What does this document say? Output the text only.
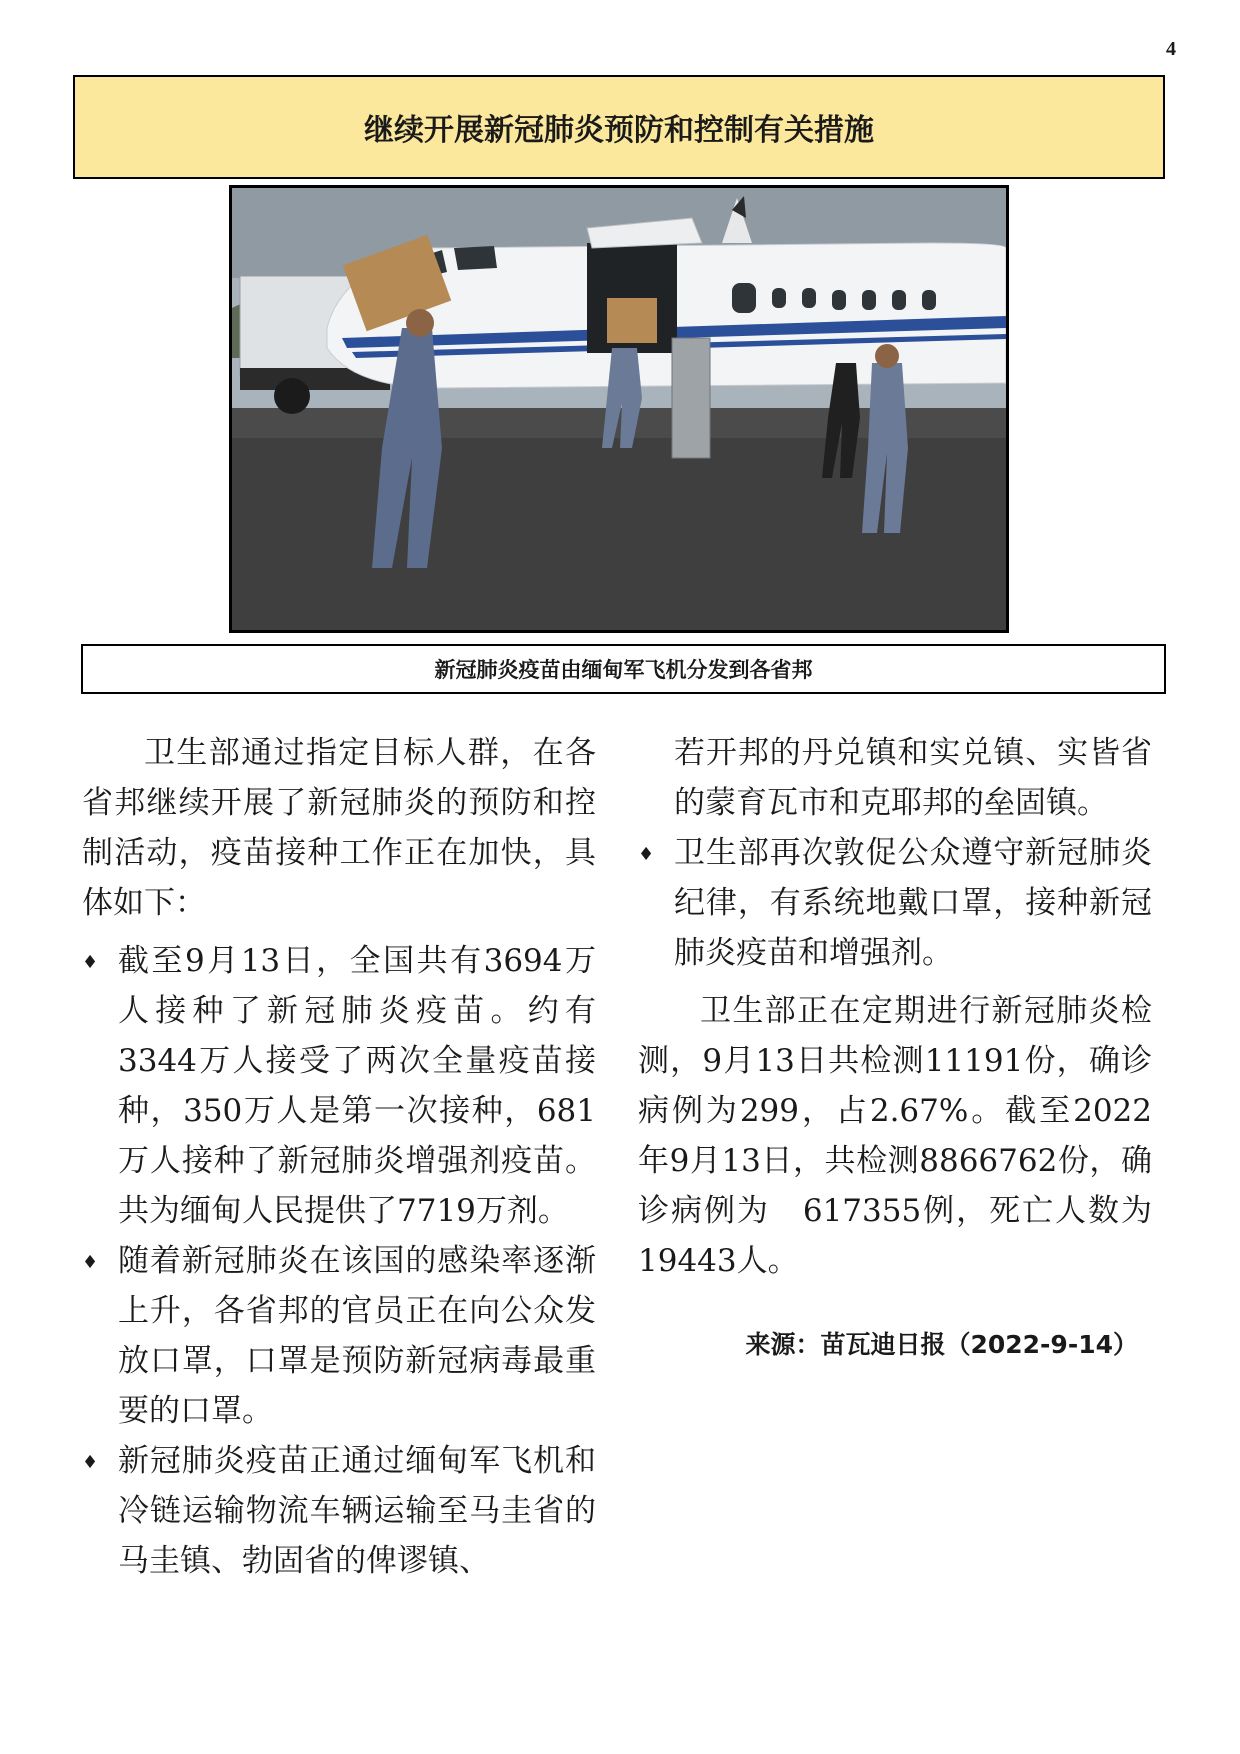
4
继续开展新冠肺炎预防和控制有关措施
新冠肺炎疫苗由缅甸军飞机分发到各省邦

卫生部通过指定目标人群，在各省邦继续开展了新冠肺炎的预防和控制活动，疫苗接种工作正在加快，具体如下：

♦ 截至9月13日，全国共有3694万人接种了新冠肺炎疫苗。约有3344万人接受了两次全量疫苗接种，350万人是第一次接种，681万人接种了新冠肺炎增强剂疫苗。共为缅甸人民提供了7719万剂。

♦ 随着新冠肺炎在该国的感染率逐渐上升，各省邦的官员正在向公众发放口罩，口罩是预防新冠病毒最重要的口罩。

♦ 新冠肺炎疫苗正通过缅甸军飞机和冷链运输物流车辆运输至马圭省的马圭镇、勃固省的俾谬镇、

若开邦的丹兑镇和实兑镇、实皆省的蒙育瓦市和克耶邦的垒固镇。

♦ 卫生部再次敦促公众遵守新冠肺炎纪律，有系统地戴口罩，接种新冠肺炎疫苗和增强剂。

卫生部正在定期进行新冠肺炎检测，9月13日共检测11191份，确诊病例为299，占2.67%。截至2022年9月13日，共检测8866762份，确诊病例为　617355例，死亡人数为19443人。

来源：苗瓦迪日报（2022-9-14）
